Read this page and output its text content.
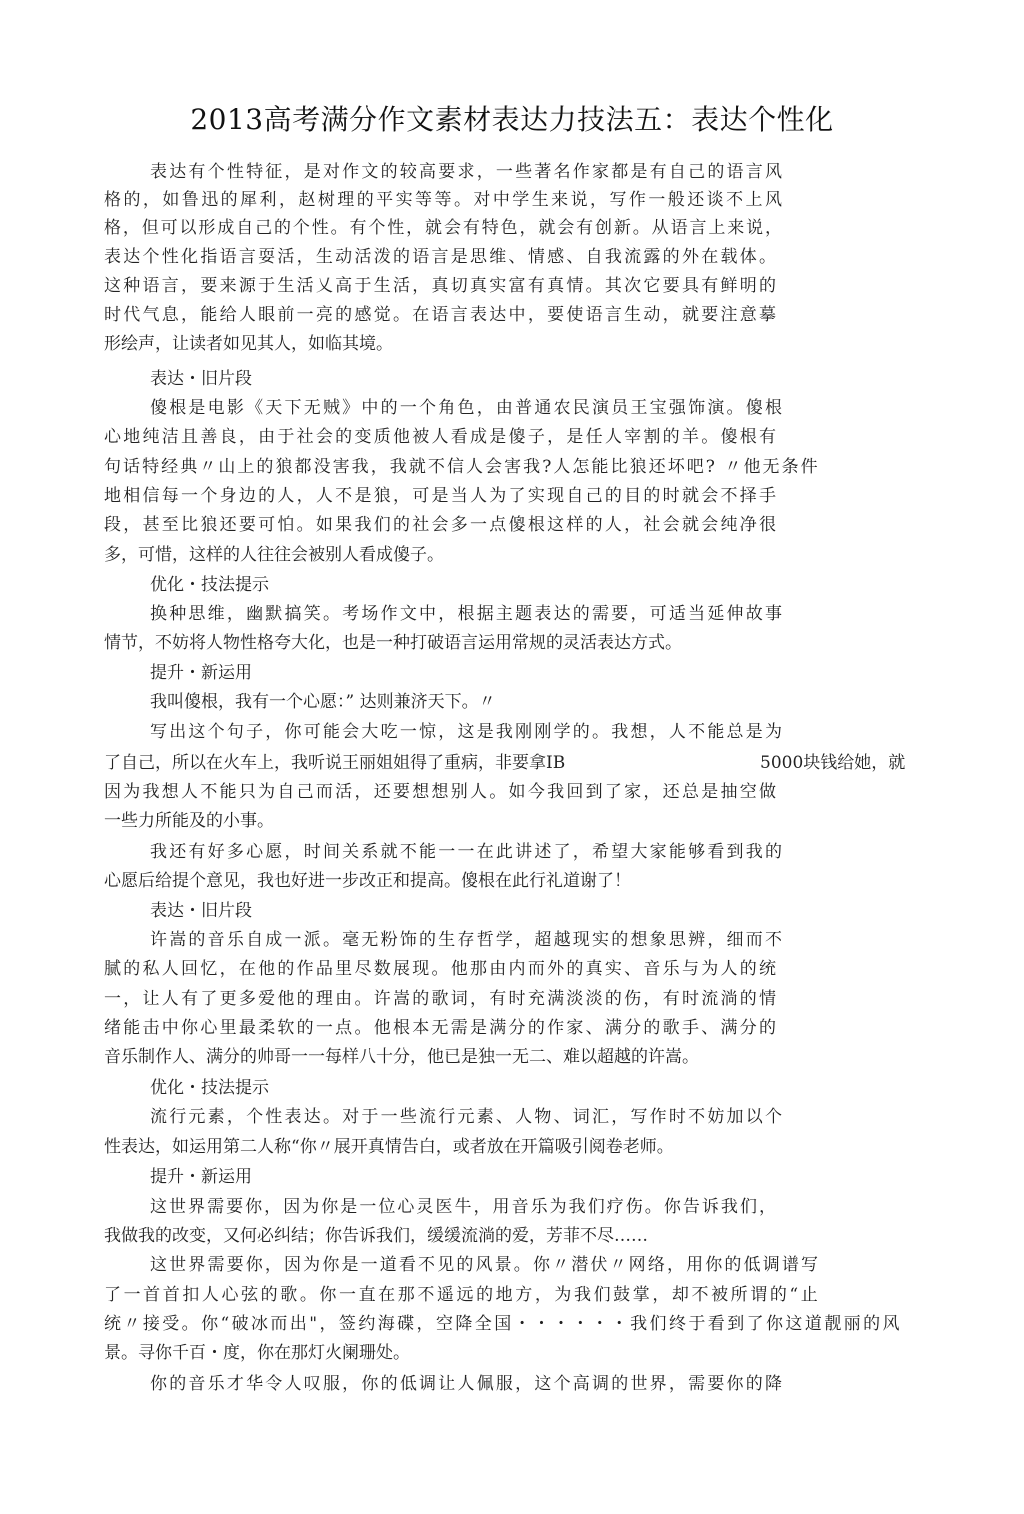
2013高考满分作文素材表达力技法五：表达个性化
表达有个性特征，是对作文的较高要求，一些著名作家都是有自己的语言风
格的，如鲁迅的犀利，赵树理的平实等等。对中学生来说，写作一般还谈不上风
格，但可以形成自己的个性。有个性，就会有特色，就会有创新。从语言上来说，
表达个性化指语言耍活，生动活泼的语言是思维、情感、自我流露的外在载体。
这种语言，要来源于生活乂高于生活，真切真实富有真情。其次它要具有鲜明的
时代气息，能给人眼前一亮的感觉。在语言表达中，要使语言生动，就要注意摹
形绘声，让读者如见其人，如临其境。
表达・旧片段
傻根是电影《天下无贼》中的一个角色，由普通农民演员王宝强饰演。傻根
心地纯洁且善良，由于社会的变质他被人看成是傻子，是任人宰割的羊。傻根有
句话特经典〃山上的狼都没害我，我就不信人会害我?人怎能比狼还坏吧? 〃他无条件
地相信每一个身边的人，人不是狼，可是当人为了实现自己的目的时就会不择手
段，甚至比狼还要可怕。如果我们的社会多一点傻根这样的人，社会就会纯净很
多，可惜，这样的人往往会被别人看成傻子。
优化・技法提示
换种思维，幽默搞笑。考场作文中，根据主题表达的需要，可适当延伸故事
情节，不妨将人物性格夸大化，也是一种打破语言运用常规的灵活表达方式。
提升・新运用
我叫傻根，我有一个心愿：” 达则兼济天下。〃
写出这个句子，你可能会大吃一惊，这是我刚刚学的。我想，人不能总是为
了自己，所以在火车上，我听说王丽姐姐得了重病，非要拿IB	5000块钱给她，就
因为我想人不能只为自己而活，还要想想别人。如今我回到了家，还总是抽空做
一些力所能及的小事。
我还有好多心愿，时间关系就不能一一在此讲述了，希望大家能够看到我的
心愿后给提个意见，我也好进一步改正和提高。傻根在此行礼道谢了！
表达・旧片段
许嵩的音乐自成一派。毫无粉饰的生存哲学，超越现实的想象思辨，细而不
腻的私人回忆，在他的作品里尽数展现。他那由内而外的真实、音乐与为人的统
一，让人有了更多爱他的理由。许嵩的歌词，有时充满淡淡的伤，有时流淌的情
绪能击中你心里最柔软的一点。他根本无需是满分的作家、满分的歌手、满分的
音乐制作人、满分的帅哥一一每样八十分，他已是独一无二、难以超越的许嵩。
优化・技法提示
流行元素，个性表达。对于一些流行元素、人物、词汇，写作时不妨加以个
性表达，如运用第二人称“你〃展开真情告白，或者放在开篇吸引阅卷老师。
提升・新运用
这世界需要你，因为你是一位心灵医牛，用音乐为我们疗伤。你告诉我们，
我做我的改变，又何必纠结；你告诉我们，缓缓流淌的爱，芳菲不尽……
这世界需要你，因为你是一道看不见的风景。你〃潜伏〃网络，用你的低调谱写
了一首首扣人心弦的歌。你一直在那不遥远的地方，为我们鼓掌，却不被所谓的“止
统〃接受。你“破冰而出"，签约海碟，空降全国・・・・・・我们终于看到了你这道靓丽的风
景。寻你千百・度，你在那灯火阑珊处。
你的音乐才华令人叹服，你的低调让人佩服，这个高调的世界，需要你的降
